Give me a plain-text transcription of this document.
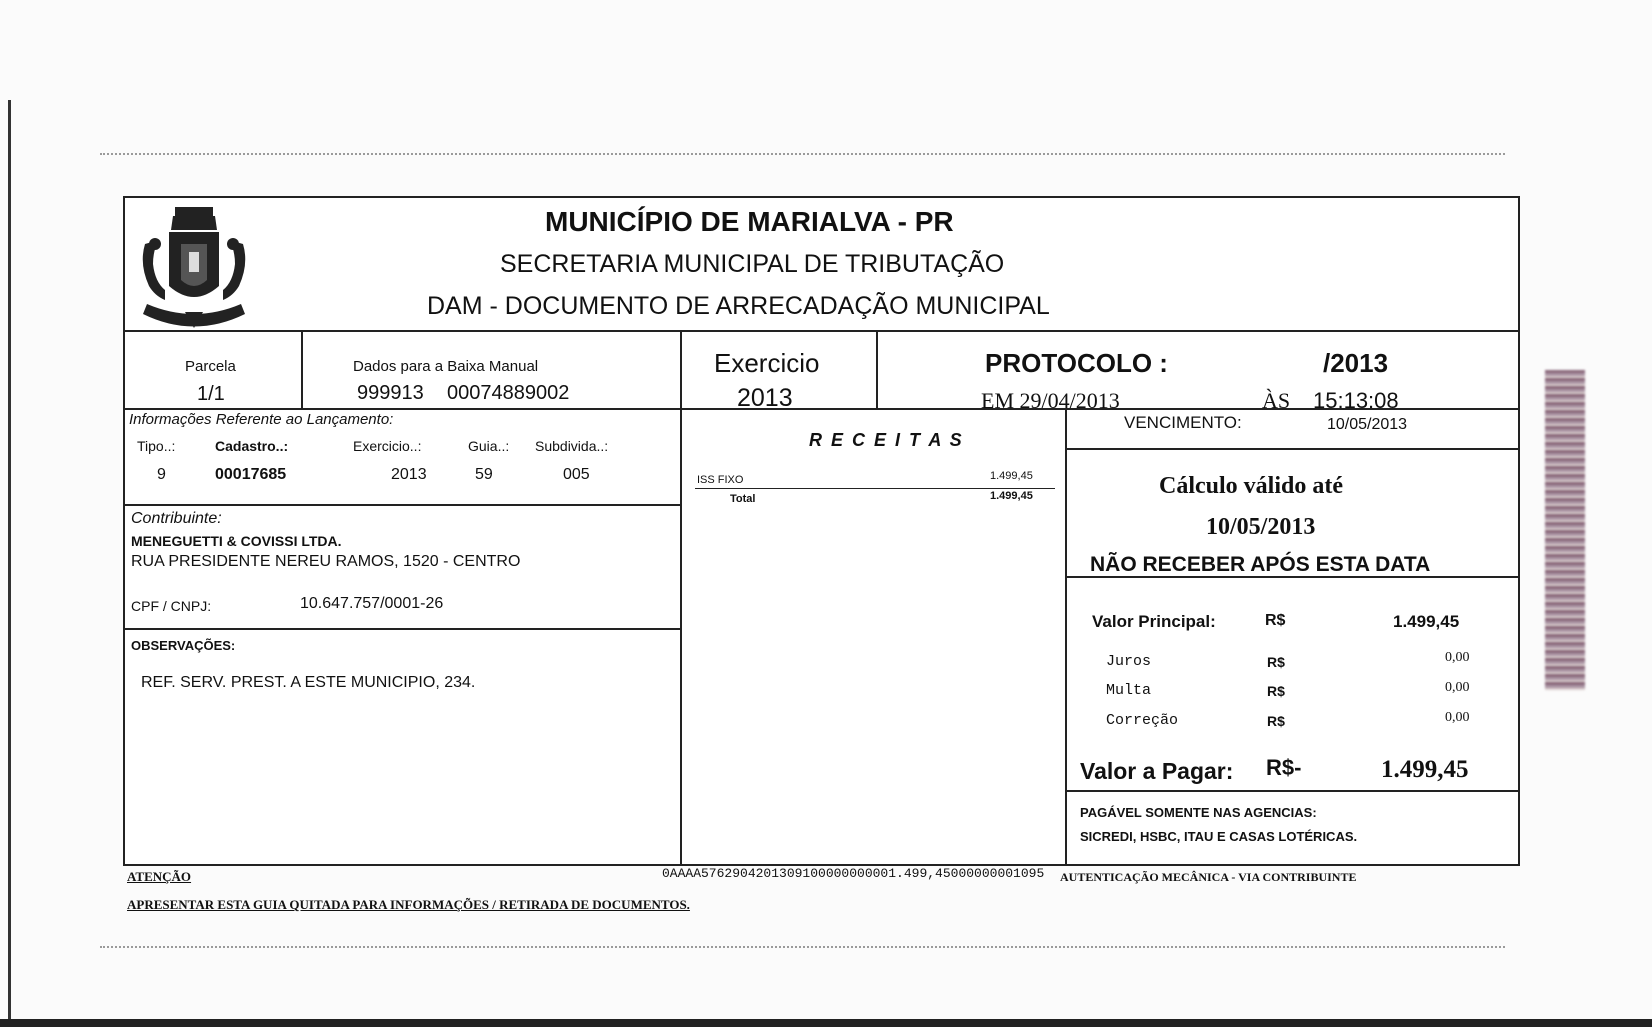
MUNICÍPIO DE MARIALVA - PR
SECRETARIA MUNICIPAL DE TRIBUTAÇÃO
DAM - DOCUMENTO DE ARRECADAÇÃO MUNICIPAL
Parcela
1/1
Dados para a Baixa Manual
999913 00074889002
Exercicio
2013
PROTOCOLO :	/2013
EM 29/04/2013	ÀS 15:13:08
Informações Referente ao Lançamento:
Tipo..:	Cadastro..:	Exercicio..:	Guia..: Subdivida..:
9	00017685	2013	59	005
R E C E I T A S
ISS FIXO	1.499,45
Total	1.499,45
VENCIMENTO:	10/05/2013
Cálculo válido até
10/05/2013
NÃO RECEBER APÓS ESTA DATA
Contribuinte:
MENEGUETTI & COVISSI LTDA.
RUA PRESIDENTE NEREU RAMOS, 1520 - CENTRO
CPF / CNPJ:	10.647.757/0001-26
OBSERVAÇÕES:
REF. SERV. PREST. A ESTE MUNICIPIO, 234.
Valor Principal:	R$	1.499,45
Juros	R$	0,00
Multa	R$	0,00
Correção	R$	0,00
Valor a Pagar: R$-	1.499,45
PAGÁVEL SOMENTE NAS AGENCIAS:
SICREDI, HSBC, ITAU E CASAS LOTÉRICAS.
0AAAA5762904201309100000000001.499,45000000001095 AUTENTICAÇÃO MECÂNICA - VIA CONTRIBUINTE
ATENÇÃO
APRESENTAR ESTA GUIA QUITADA PARA INFORMAÇÕES / RETIRADA DE DOCUMENTOS.
